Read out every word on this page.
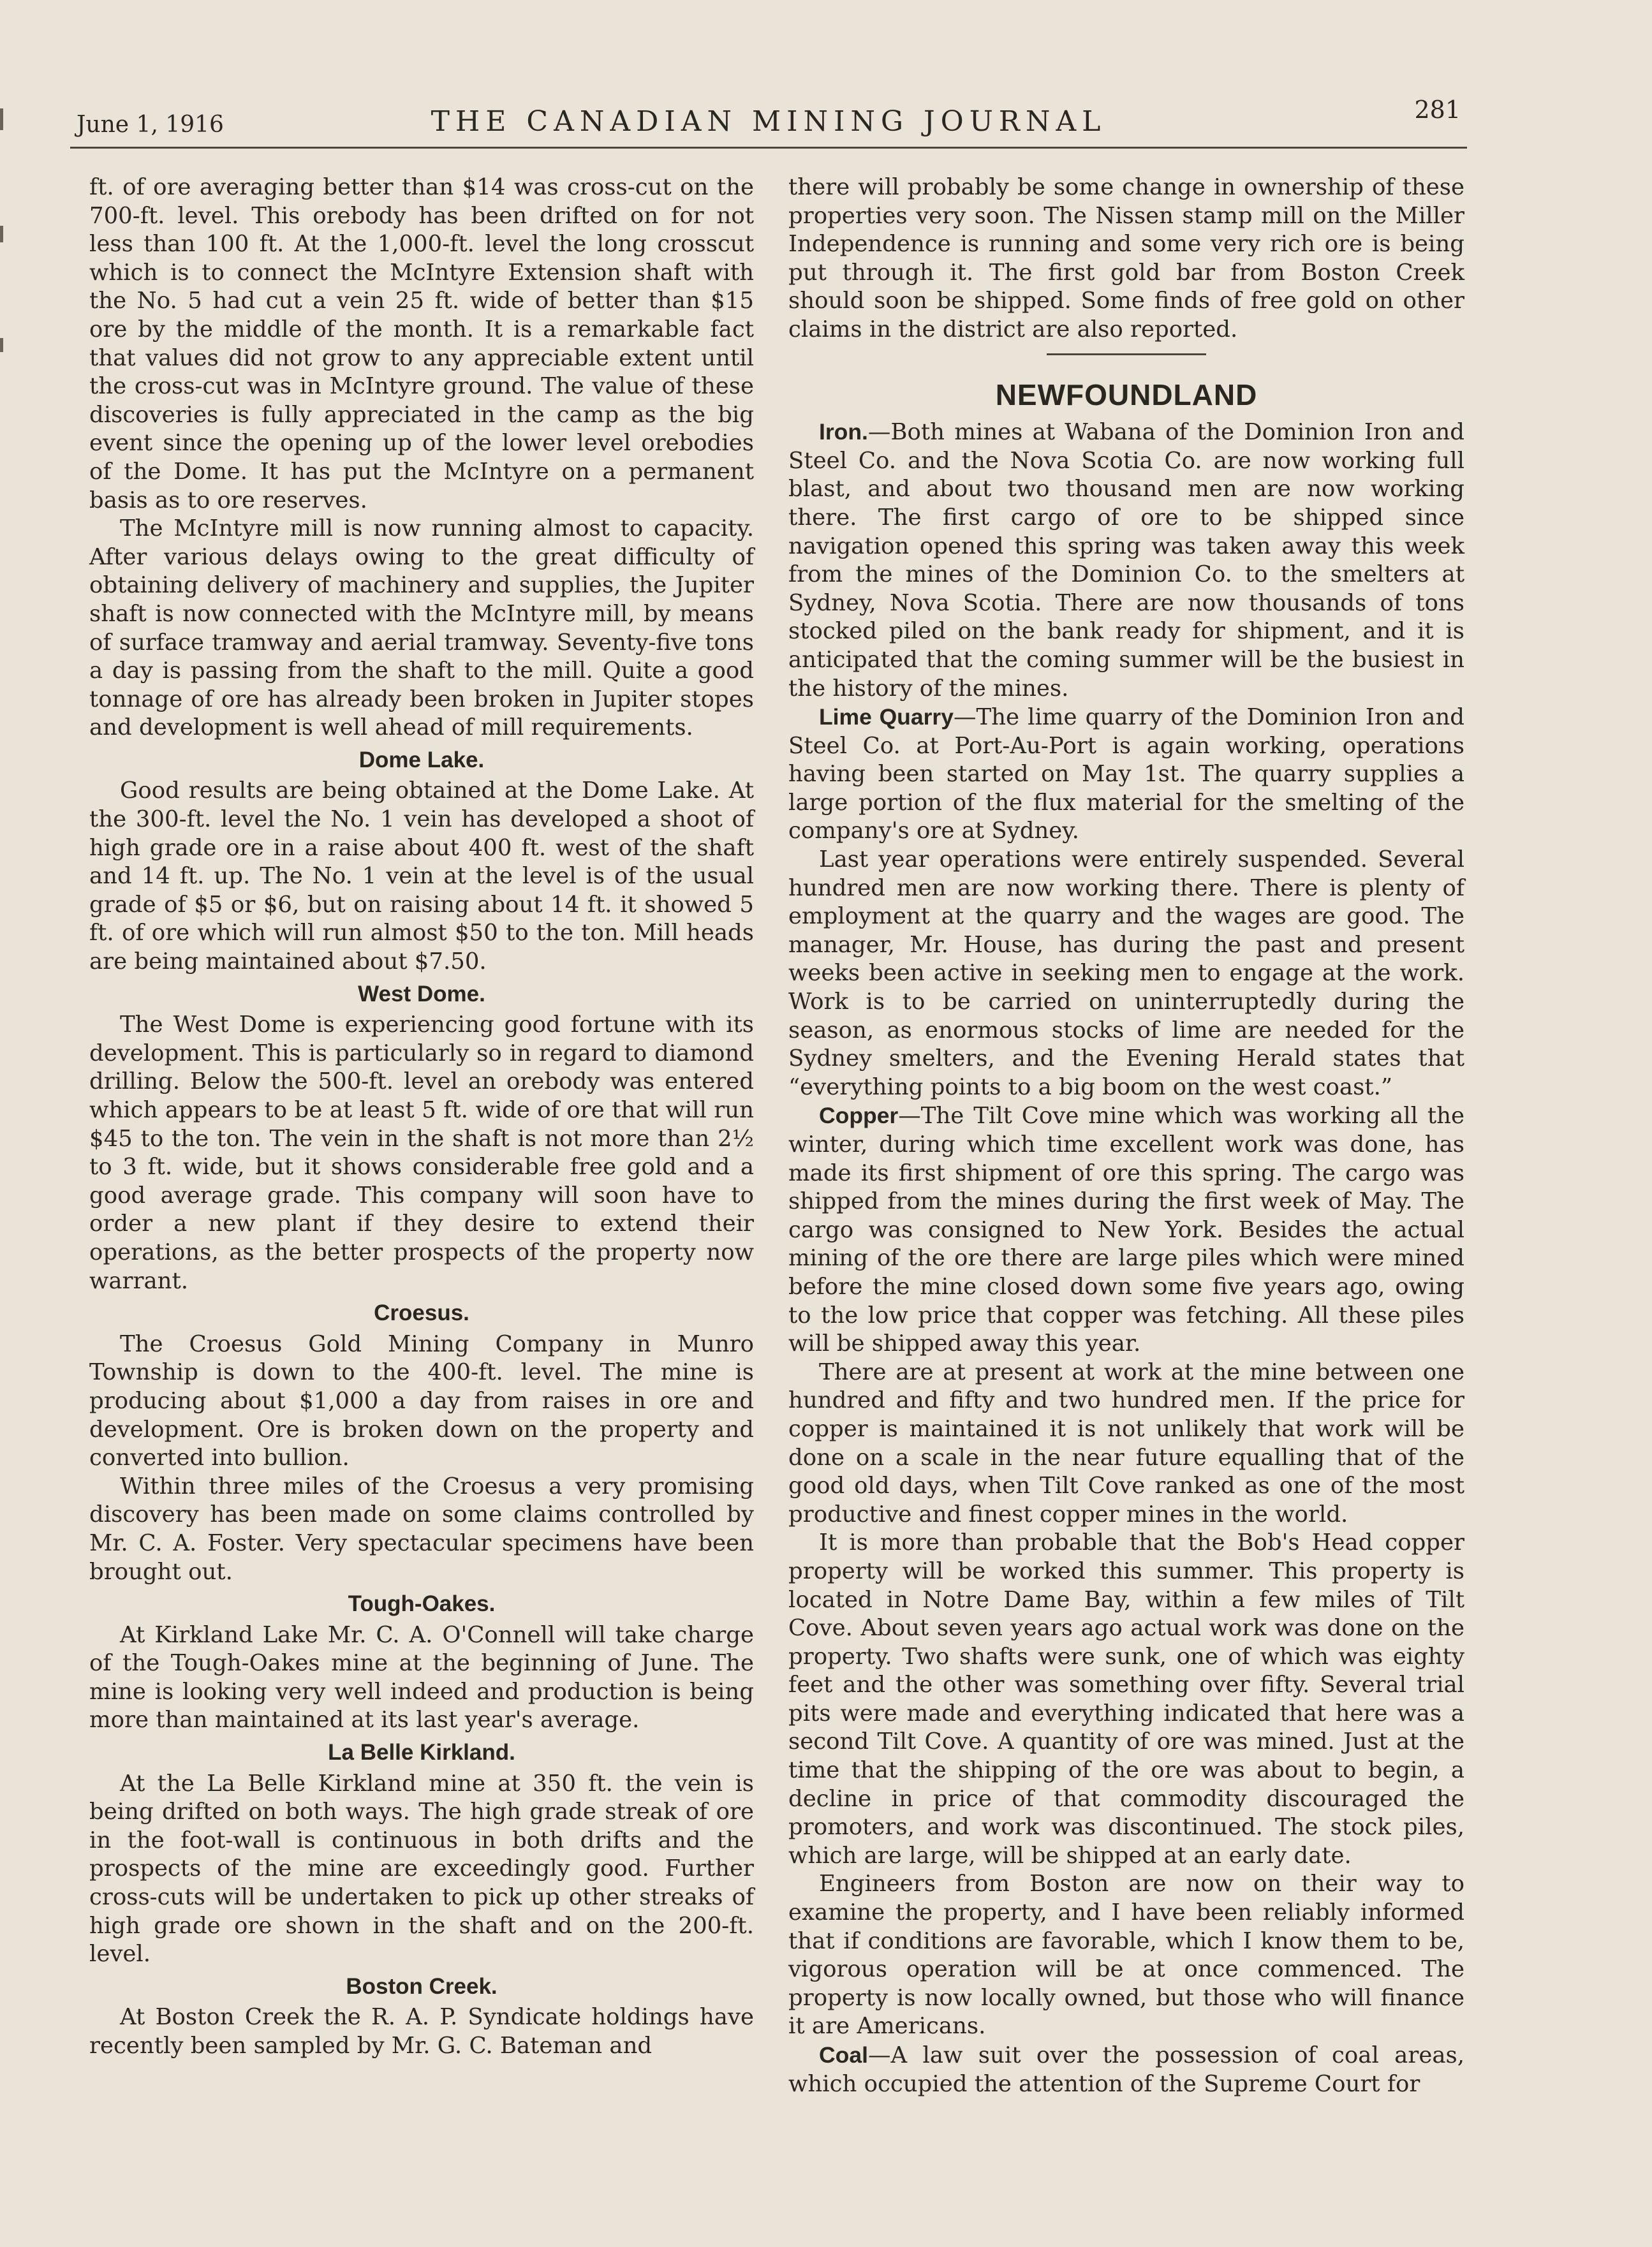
June 1, 1916	THE CANADIAN MINING JOURNAL	281

ft. of ore averaging better than $14 was cross-cut on the 700-ft. level. This orebody has been drifted on for not less than 100 ft. At the 1,000-ft. level the long crosscut which is to connect the McIntyre Extension shaft with the No. 5 had cut a vein 25 ft. wide of better than $15 ore by the middle of the month. It is a remarkable fact that values did not grow to any appreciable extent until the cross-cut was in McIntyre ground. The value of these discoveries is fully appreciated in the camp as the big event since the opening up of the lower level orebodies of the Dome. It has put the McIntyre on a permanent basis as to ore reserves.

The McIntyre mill is now running almost to capacity. After various delays owing to the great difficulty of obtaining delivery of machinery and supplies, the Jupiter shaft is now connected with the McIntyre mill, by means of surface tramway and aerial tramway. Seventy-five tons a day is passing from the shaft to the mill. Quite a good tonnage of ore has already been broken in Jupiter stopes and development is well ahead of mill requirements.

Dome Lake.

Good results are being obtained at the Dome Lake. At the 300-ft. level the No. 1 vein has developed a shoot of high grade ore in a raise about 400 ft. west of the shaft and 14 ft. up. The No. 1 vein at the level is of the usual grade of $5 or $6, but on raising about 14 ft. it showed 5 ft. of ore which will run almost $50 to the ton. Mill heads are being maintained about $7.50.

West Dome.

The West Dome is experiencing good fortune with its development. This is particularly so in regard to diamond drilling. Below the 500-ft. level an orebody was entered which appears to be at least 5 ft. wide of ore that will run $45 to the ton. The vein in the shaft is not more than 2½ to 3 ft. wide, but it shows considerable free gold and a good average grade. This company will soon have to order a new plant if they desire to extend their operations, as the better prospects of the property now warrant.

Croesus.

The Croesus Gold Mining Company in Munro Township is down to the 400-ft. level. The mine is producing about $1,000 a day from raises in ore and development. Ore is broken down on the property and converted into bullion.

Within three miles of the Croesus a very promising discovery has been made on some claims controlled by Mr. C. A. Foster. Very spectacular specimens have been brought out.

Tough-Oakes.

At Kirkland Lake Mr. C. A. O'Connell will take charge of the Tough-Oakes mine at the beginning of June. The mine is looking very well indeed and production is being more than maintained at its last year's average.

La Belle Kirkland.

At the La Belle Kirkland mine at 350 ft. the vein is being drifted on both ways. The high grade streak of ore in the foot-wall is continuous in both drifts and the prospects of the mine are exceedingly good. Further cross-cuts will be undertaken to pick up other streaks of high grade ore shown in the shaft and on the 200-ft. level.

Boston Creek.

At Boston Creek the R. A. P. Syndicate holdings have recently been sampled by Mr. G. C. Bateman and

there will probably be some change in ownership of these properties very soon. The Nissen stamp mill on the Miller Independence is running and some very rich ore is being put through it. The first gold bar from Boston Creek should soon be shipped. Some finds of free gold on other claims in the district are also reported.

NEWFOUNDLAND

Iron.—Both mines at Wabana of the Dominion Iron and Steel Co. and the Nova Scotia Co. are now working full blast, and about two thousand men are now working there. The first cargo of ore to be shipped since navigation opened this spring was taken away this week from the mines of the Dominion Co. to the smelters at Sydney, Nova Scotia. There are now thousands of tons stocked piled on the bank ready for shipment, and it is anticipated that the coming summer will be the busiest in the history of the mines.

Lime Quarry—The lime quarry of the Dominion Iron and Steel Co. at Port-Au-Port is again working, operations having been started on May 1st. The quarry supplies a large portion of the flux material for the smelting of the company's ore at Sydney.

Last year operations were entirely suspended. Several hundred men are now working there. There is plenty of employment at the quarry and the wages are good. The manager, Mr. House, has during the past and present weeks been active in seeking men to engage at the work. Work is to be carried on uninterruptedly during the season, as enormous stocks of lime are needed for the Sydney smelters, and the Evening Herald states that “everything points to a big boom on the west coast.”

Copper—The Tilt Cove mine which was working all the winter, during which time excellent work was done, has made its first shipment of ore this spring. The cargo was shipped from the mines during the first week of May. The cargo was consigned to New York. Besides the actual mining of the ore there are large piles which were mined before the mine closed down some five years ago, owing to the low price that copper was fetching. All these piles will be shipped away this year.

There are at present at work at the mine between one hundred and fifty and two hundred men. If the price for copper is maintained it is not unlikely that work will be done on a scale in the near future equalling that of the good old days, when Tilt Cove ranked as one of the most productive and finest copper mines in the world.

It is more than probable that the Bob's Head copper property will be worked this summer. This property is located in Notre Dame Bay, within a few miles of Tilt Cove. About seven years ago actual work was done on the property. Two shafts were sunk, one of which was eighty feet and the other was something over fifty. Several trial pits were made and everything indicated that here was a second Tilt Cove. A quantity of ore was mined. Just at the time that the shipping of the ore was about to begin, a decline in price of that commodity discouraged the promoters, and work was discontinued. The stock piles, which are large, will be shipped at an early date.

Engineers from Boston are now on their way to examine the property, and I have been reliably informed that if conditions are favorable, which I know them to be, vigorous operation will be at once commenced. The property is now locally owned, but those who will finance it are Americans.

Coal—A law suit over the possession of coal areas, which occupied the attention of the Supreme Court for
